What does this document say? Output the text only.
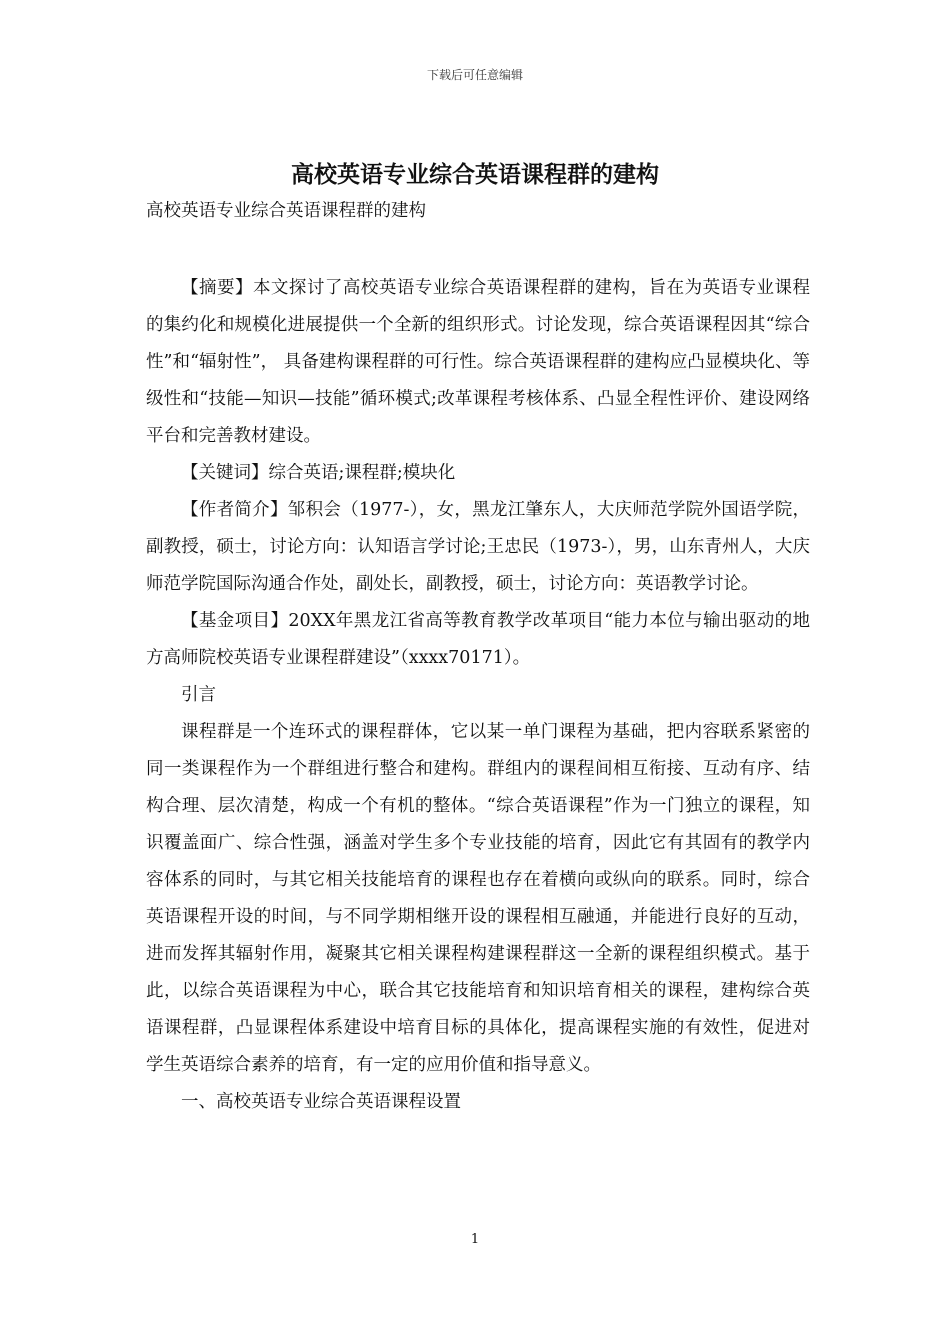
下载后可任意编辑
高校英语专业综合英语课程群的建构

高校英语专业综合英语课程群的建构

【摘要】本文探讨了高校英语专业综合英语课程群的建构，旨在为英语专业课程的集约化和规模化进展提供一个全新的组织形式。讨论发现，综合英语课程因其“综合性”和“辐射性”， 具备建构课程群的可行性。综合英语课程群的建构应凸显模块化、等级性和“技能—知识—技能”循环模式;改革课程考核体系、凸显全程性评价、建设网络平台和完善教材建设。

【关键词】综合英语;课程群;模块化

【作者简介】邹积会（1977-），女，黑龙江肇东人，大庆师范学院外国语学院，副教授，硕士，讨论方向：认知语言学讨论;王忠民（1973-），男，山东青州人，大庆师范学院国际沟通合作处，副处长，副教授，硕士，讨论方向：英语教学讨论。

【基金项目】20XX年黑龙江省高等教育教学改革项目“能力本位与输出驱动的地方高师院校英语专业课程群建设”（xxxx70171）。

引言

课程群是一个连环式的课程群体，它以某一单门课程为基础，把内容联系紧密的同一类课程作为一个群组进行整合和建构。群组内的课程间相互衔接、互动有序、结构合理、层次清楚，构成一个有机的整体。“综合英语课程”作为一门独立的课程，知识覆盖面广、综合性强，涵盖对学生多个专业技能的培育，因此它有其固有的教学内容体系的同时，与其它相关技能培育的课程也存在着横向或纵向的联系。同时，综合英语课程开设的时间，与不同学期相继开设的课程相互融通，并能进行良好的互动，进而发挥其辐射作用，凝聚其它相关课程构建课程群这一全新的课程组织模式。基于此，以综合英语课程为中心，联合其它技能培育和知识培育相关的课程，建构综合英语课程群，凸显课程体系建设中培育目标的具体化，提高课程实施的有效性，促进对学生英语综合素养的培育，有一定的应用价值和指导意义。

一、高校英语专业综合英语课程设置

1
